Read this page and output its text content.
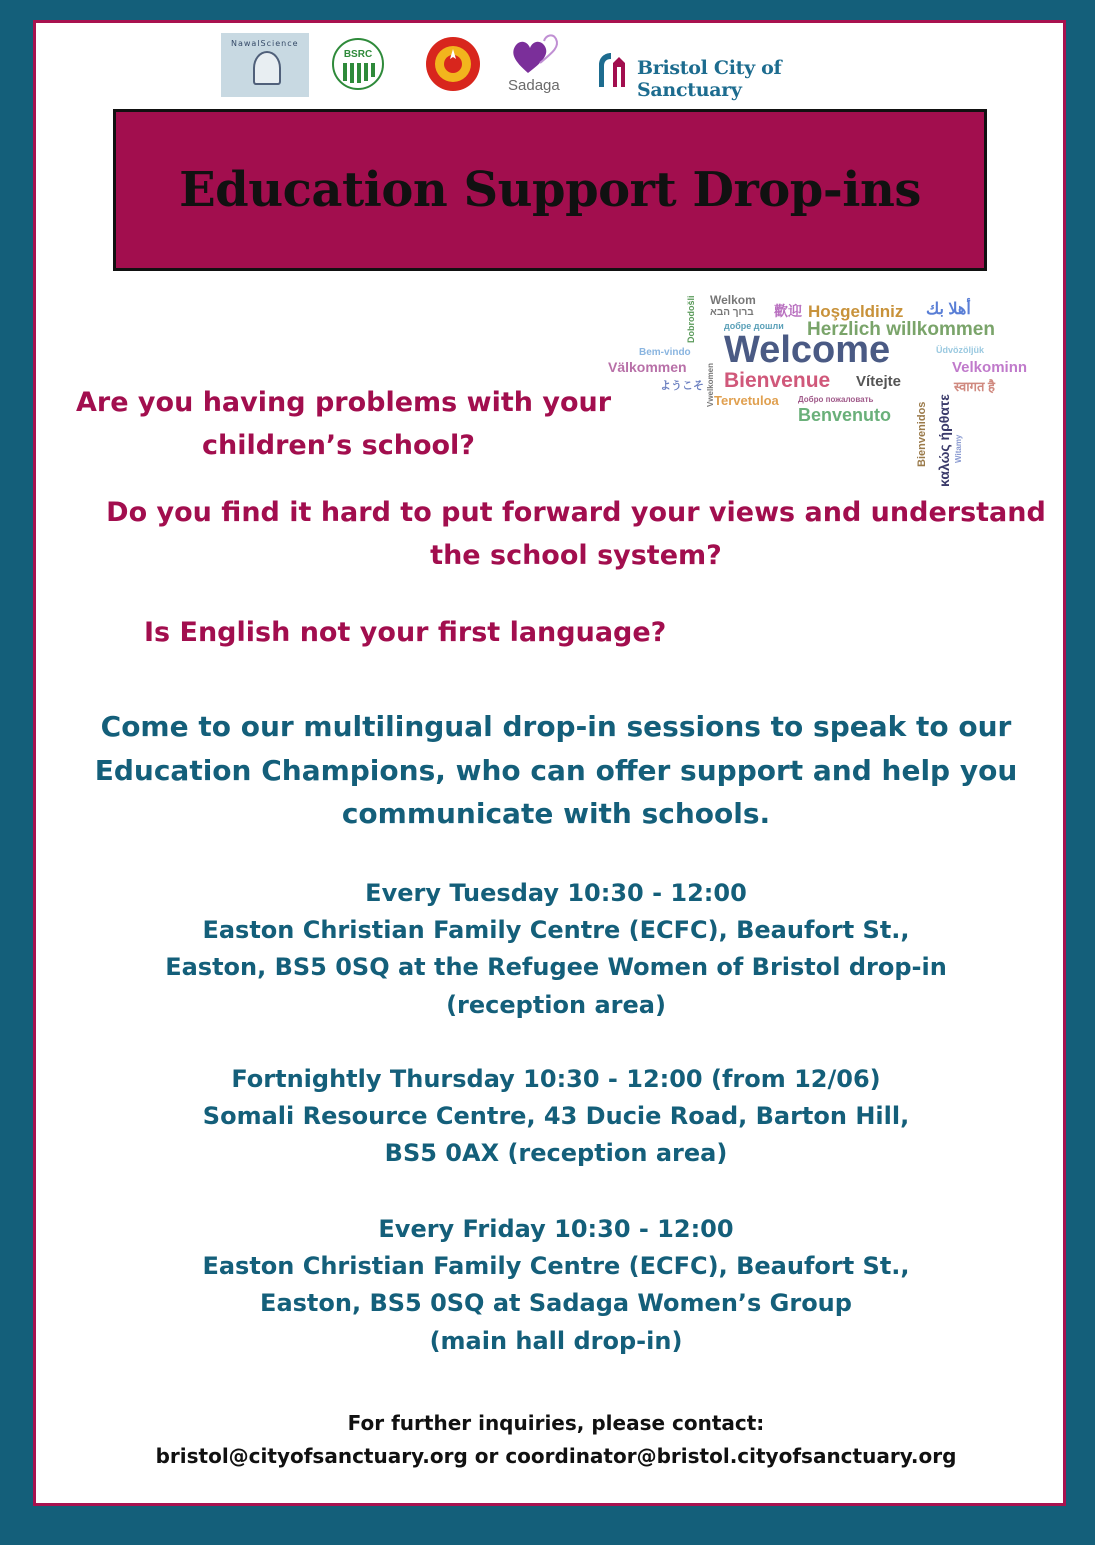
NawalScience
BSRC
Sadaga
Bristol City of Sanctuary
Education Support Drop-ins
Welkom
歡迎 Hoşgeldiniz أهلا بك
ברוך הבא
добре дошли Herzlich willkommen
Bem-vindo Welcome	Üdvözöljük
Välkommen
ようこそ Bienvenue Vítejte
Velkominn
स्वागत है
Tervetuloa Добро пожаловать
Benvenuto
Dobrodošli
Bienvenidos καλώς ήρθατε Witamy
Vwelkomen
Are you having problems with your
children’s school?
Do you find it hard to put forward your views and understand
the school system?
Is English not your first language?
Come to our multilingual drop-in sessions to speak to our
Education Champions, who can offer support and help you
communicate with schools.
Every Tuesday 10:30 - 12:00
Easton Christian Family Centre (ECFC), Beaufort St.,
Easton, BS5 0SQ at the Refugee Women of Bristol drop-in
(reception area)
Fortnightly Thursday 10:30 - 12:00 (from 12/06)
Somali Resource Centre, 43 Ducie Road, Barton Hill,
BS5 0AX (reception area)
Every Friday 10:30 - 12:00
Easton Christian Family Centre (ECFC), Beaufort St.,
Easton, BS5 0SQ at Sadaga Women’s Group
(main hall drop-in)
For further inquiries, please contact:
bristol@cityofsanctuary.org or coordinator@bristol.cityofsanctuary.org
